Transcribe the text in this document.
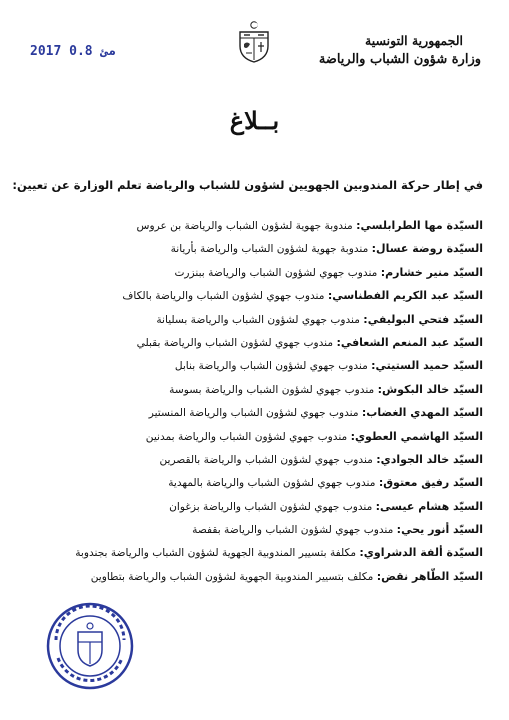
الجمهورية التونسية
وزارة شؤون الشباب والرياضة
2017 مئ 0.8
بــلاغ
في إطار حركة المندوبين الجهويين لشؤون للشباب والرياضة تعلم الوزارة عن تعيين:
السيّدة مها الطرابلسي: مندوبة جهوية لشؤون الشباب والرياضة بن عروس
السيّدة روضة عسال: مندوبة جهوية لشؤون الشباب والرياضة بأريانة
السيّد منير خشارم: مندوب جهوي لشؤون الشباب والرياضة ببنزرت
السيّد عبد الكريم الفطناسي: مندوب جهوي لشؤون الشباب والرياضة بالكاف
السيّد فتحي البوليفي: مندوب جهوي لشؤون الشباب والرياضة بسليانة
السيّد عبد المنعم الشعافي: مندوب جهوي لشؤون الشباب والرياضة بقبلي
السيّد حميد الستيتي: مندوب جهوي لشؤون الشباب والرياضة بنابل
السيّد خالد البكوش: مندوب جهوي لشؤون الشباب والرياضة بسوسة
السيّد المهدي الغضاب: مندوب جهوي لشؤون الشباب والرياضة المنستير
السيّد الهاشمي العطوي: مندوب جهوي لشؤون الشباب والرياضة بمدنين
السيّد خالد الجوادي: مندوب جهوي لشؤون الشباب والرياضة بالقصرين
السيّد رفيق معتوق: مندوب جهوي لشؤون الشباب والرياضة بالمهدية
السيّد هشام عيسى: مندوب جهوي لشؤون الشباب والرياضة بزغوان
السيّد أنور يحي: مندوب جهوي لشؤون الشباب والرياضة بقفصة
السيّدة ألفة الدشراوي: مكلفة بتسيير المندوبية الجهوية لشؤون الشباب والرياضة بجندوبة
السيّد الطّاهر نقض: مكلف بتسيير المندوبية الجهوية لشؤون الشباب والرياضة بتطاوين
